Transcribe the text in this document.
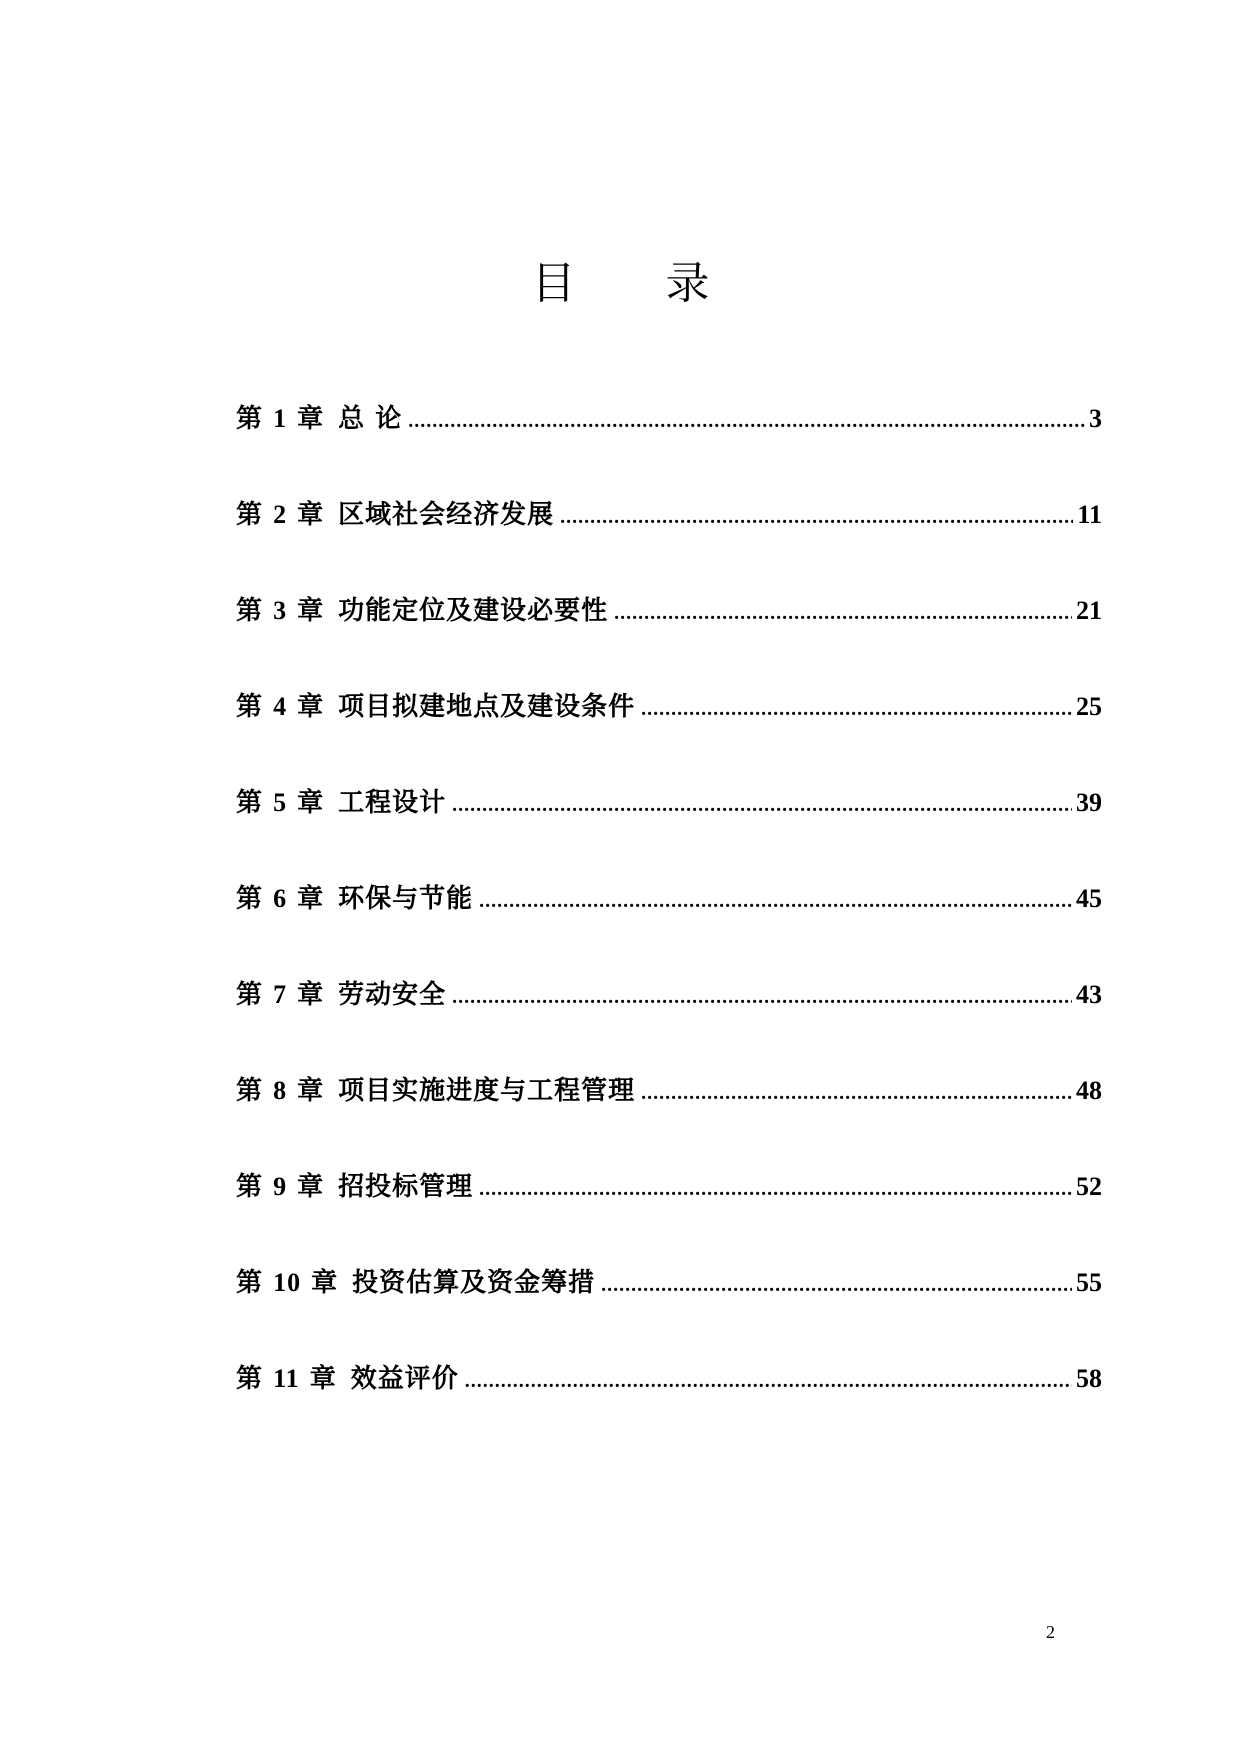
目 录
第 1 章 总 论 .....	3
第 2 章 区域社会经济发展 .....	11
第 3 章 功能定位及建设必要性 .....	21
第 4 章 项目拟建地点及建设条件 .....	25
第 5 章 工程设计 .....	39
第 6 章 环保与节能 .....	45
第 7 章 劳动安全 .....	43
第 8 章 项目实施进度与工程管理 .....	48
第 9 章 招投标管理 .....	52
第 10 章 投资估算及资金筹措 .....	55
第 11 章 效益评价 .....	58
2
